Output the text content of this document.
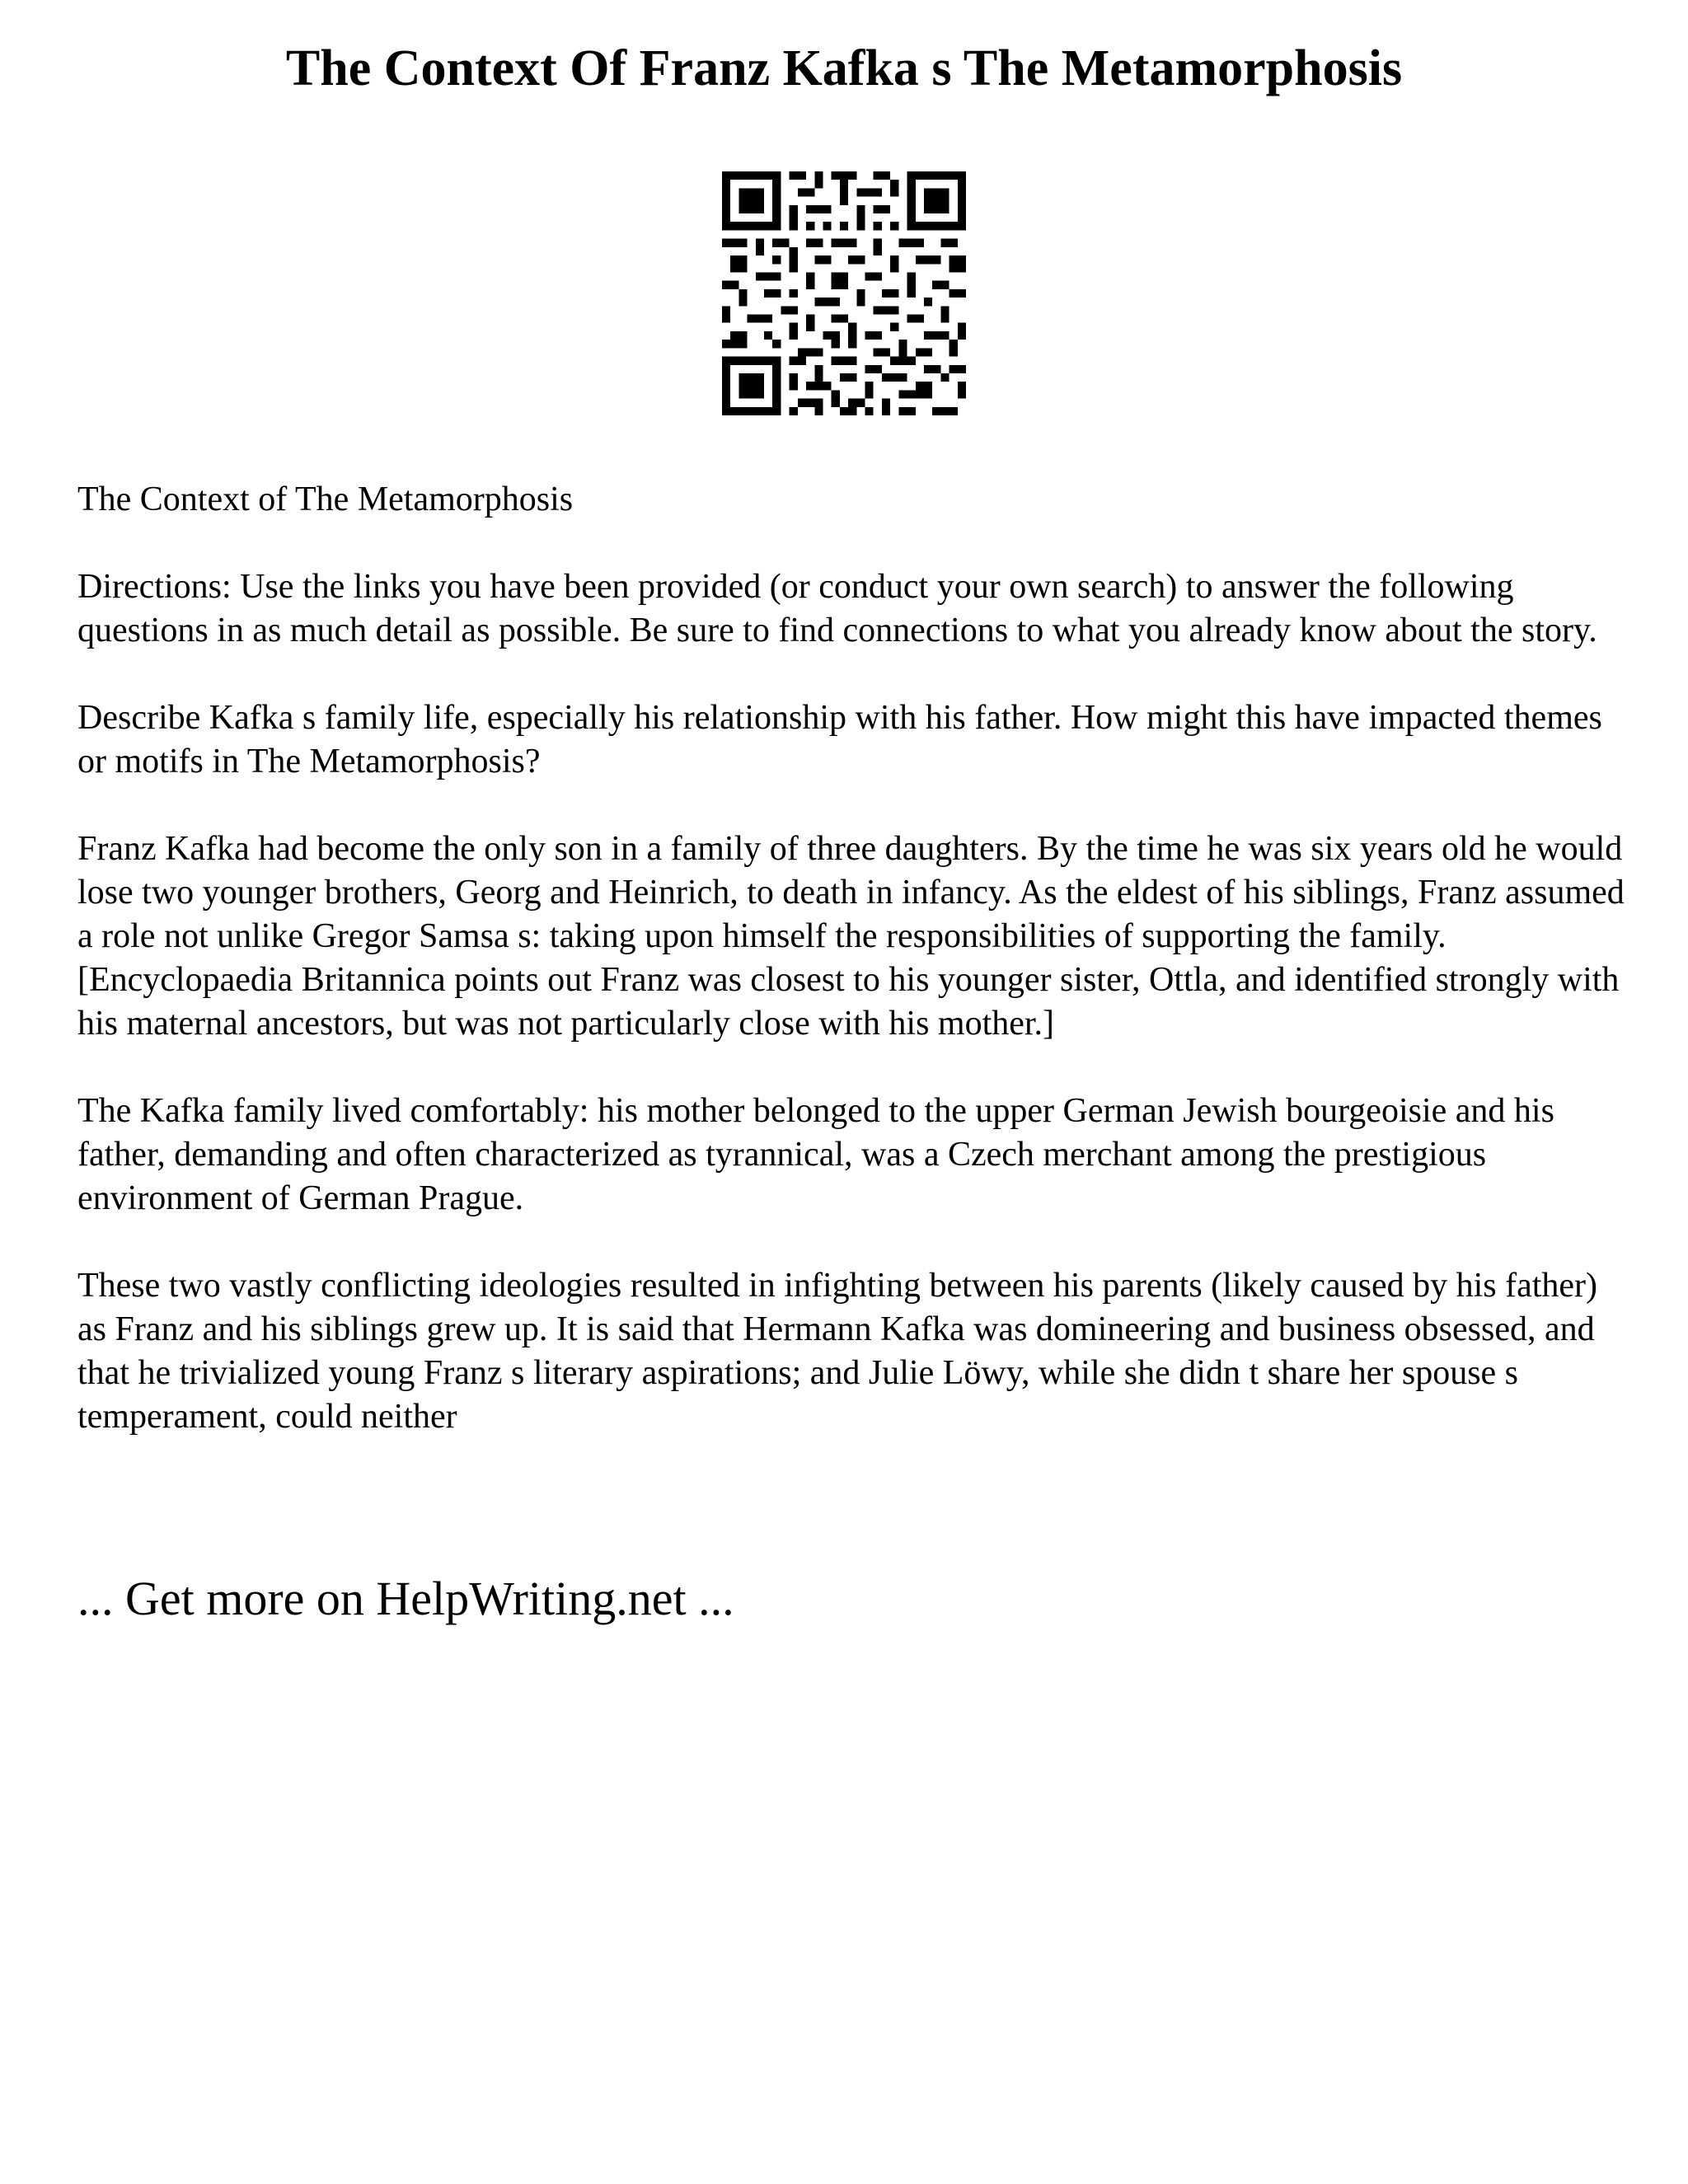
The Context Of Franz Kafka s The Metamorphosis

The Context of The Metamorphosis

Directions: Use the links you have been provided (or conduct your own search) to answer the following questions in as much detail as possible. Be sure to find connections to what you already know about the story.

Describe Kafka s family life, especially his relationship with his father. How might this have impacted themes or motifs in The Metamorphosis?

Franz Kafka had become the only son in a family of three daughters. By the time he was six years old he would lose two younger brothers, Georg and Heinrich, to death in infancy. As the eldest of his siblings, Franz assumed a role not unlike Gregor Samsa s: taking upon himself the responsibilities of supporting the family.

[Encyclopaedia Britannica points out Franz was closest to his younger sister, Ottla, and identified strongly with his maternal ancestors, but was not particularly close with his mother.]

The Kafka family lived comfortably: his mother belonged to the upper German Jewish bourgeoisie and his father, demanding and often characterized as tyrannical, was a Czech merchant among the prestigious environment of German Prague.

These two vastly conflicting ideologies resulted in infighting between his parents (likely caused by his father) as Franz and his siblings grew up. It is said that Hermann Kafka was domineering and business obsessed, and that he trivialized young Franz s literary aspirations; and Julie Löwy, while she didn t share her spouse s temperament, could neither

... Get more on HelpWriting.net ...
